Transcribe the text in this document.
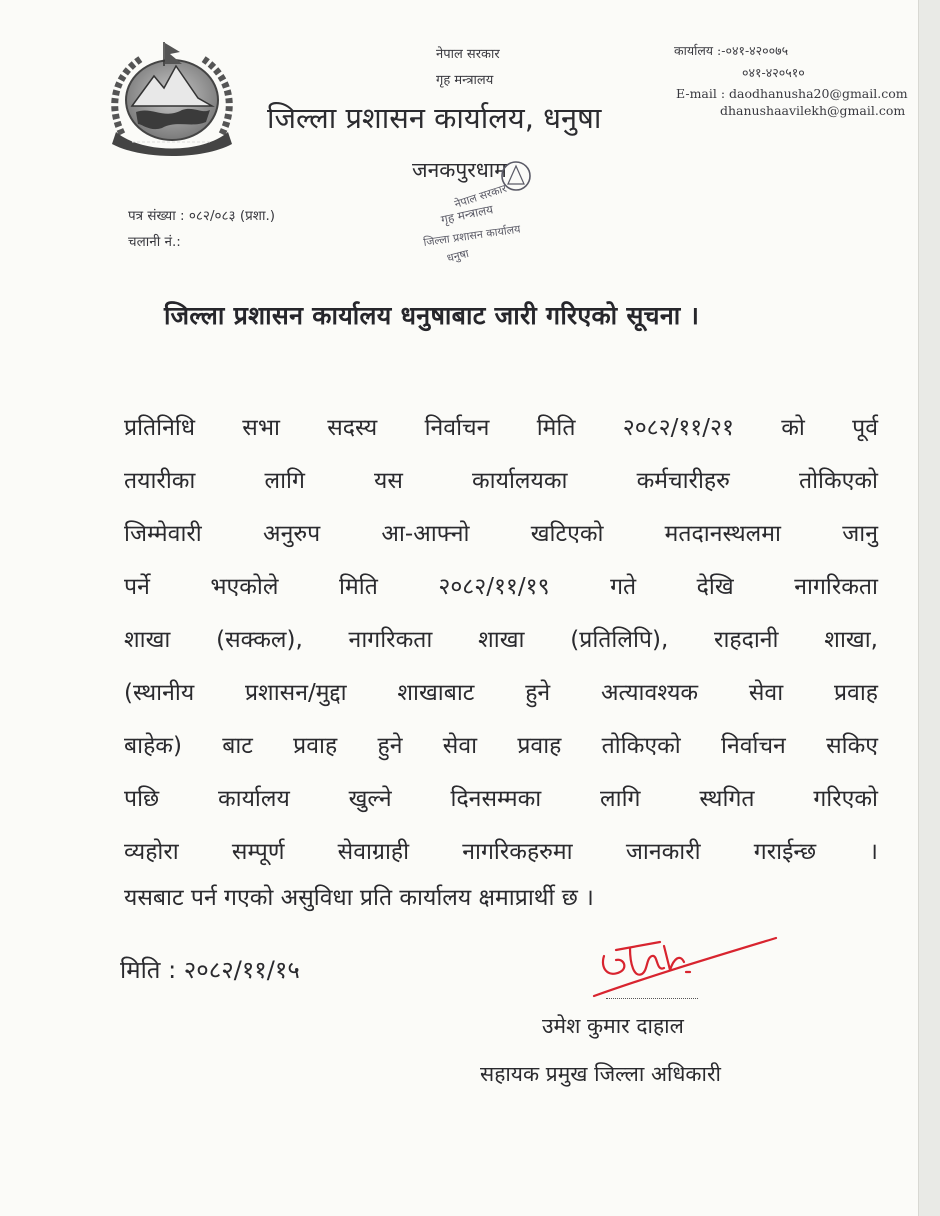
नेपाल सरकार
गृह मन्त्रालय
कार्यालय :-०४१-४२००७५
०४१-४२०५१०
E-mail : daodhanusha20@gmail.com
dhanushaavilekh@gmail.com
जिल्ला प्रशासन कार्यालय, धनुषा
जनकपुरधाम
नेपाल सरकार
गृह मन्त्रालय
जिल्ला प्रशासन कार्यालय
धनुषा
पत्र संख्या : ०८२/०८३ (प्रशा.)
चलानी नं.:
जिल्ला प्रशासन कार्यालय धनुषाबाट जारी गरिएको सूचना ।
प्रतिनिधि सभा सदस्य निर्वाचन मिति २०८२/११/२१ को पूर्व
तयारीका लागि यस कार्यालयका कर्मचारीहरु तोकिएको
जिम्मेवारी अनुरुप आ-आफ्नो खटिएको मतदानस्थलमा जानु
पर्ने भएकोले मिति २०८२/११/१९ गते देखि नागरिकता
शाखा (सक्कल), नागरिकता शाखा (प्रतिलिपि), राहदानी शाखा,
(स्थानीय प्रशासन/मुद्दा शाखाबाट हुने अत्यावश्यक सेवा प्रवाह
बाहेक) बाट प्रवाह हुने सेवा प्रवाह तोकिएको निर्वाचन सकिए
पछि कार्यालय खुल्ने दिनसम्मका लागि स्थगित गरिएको
व्यहोरा सम्पूर्ण सेवाग्राही नागरिकहरुमा जानकारी गराईन्छ ।
यसबाट पर्न गएको असुविधा प्रति कार्यालय क्षमाप्रार्थी छ ।
मिति : २०८२/११/१५
उमेश कुमार दाहाल
सहायक प्रमुख जिल्ला अधिकारी
